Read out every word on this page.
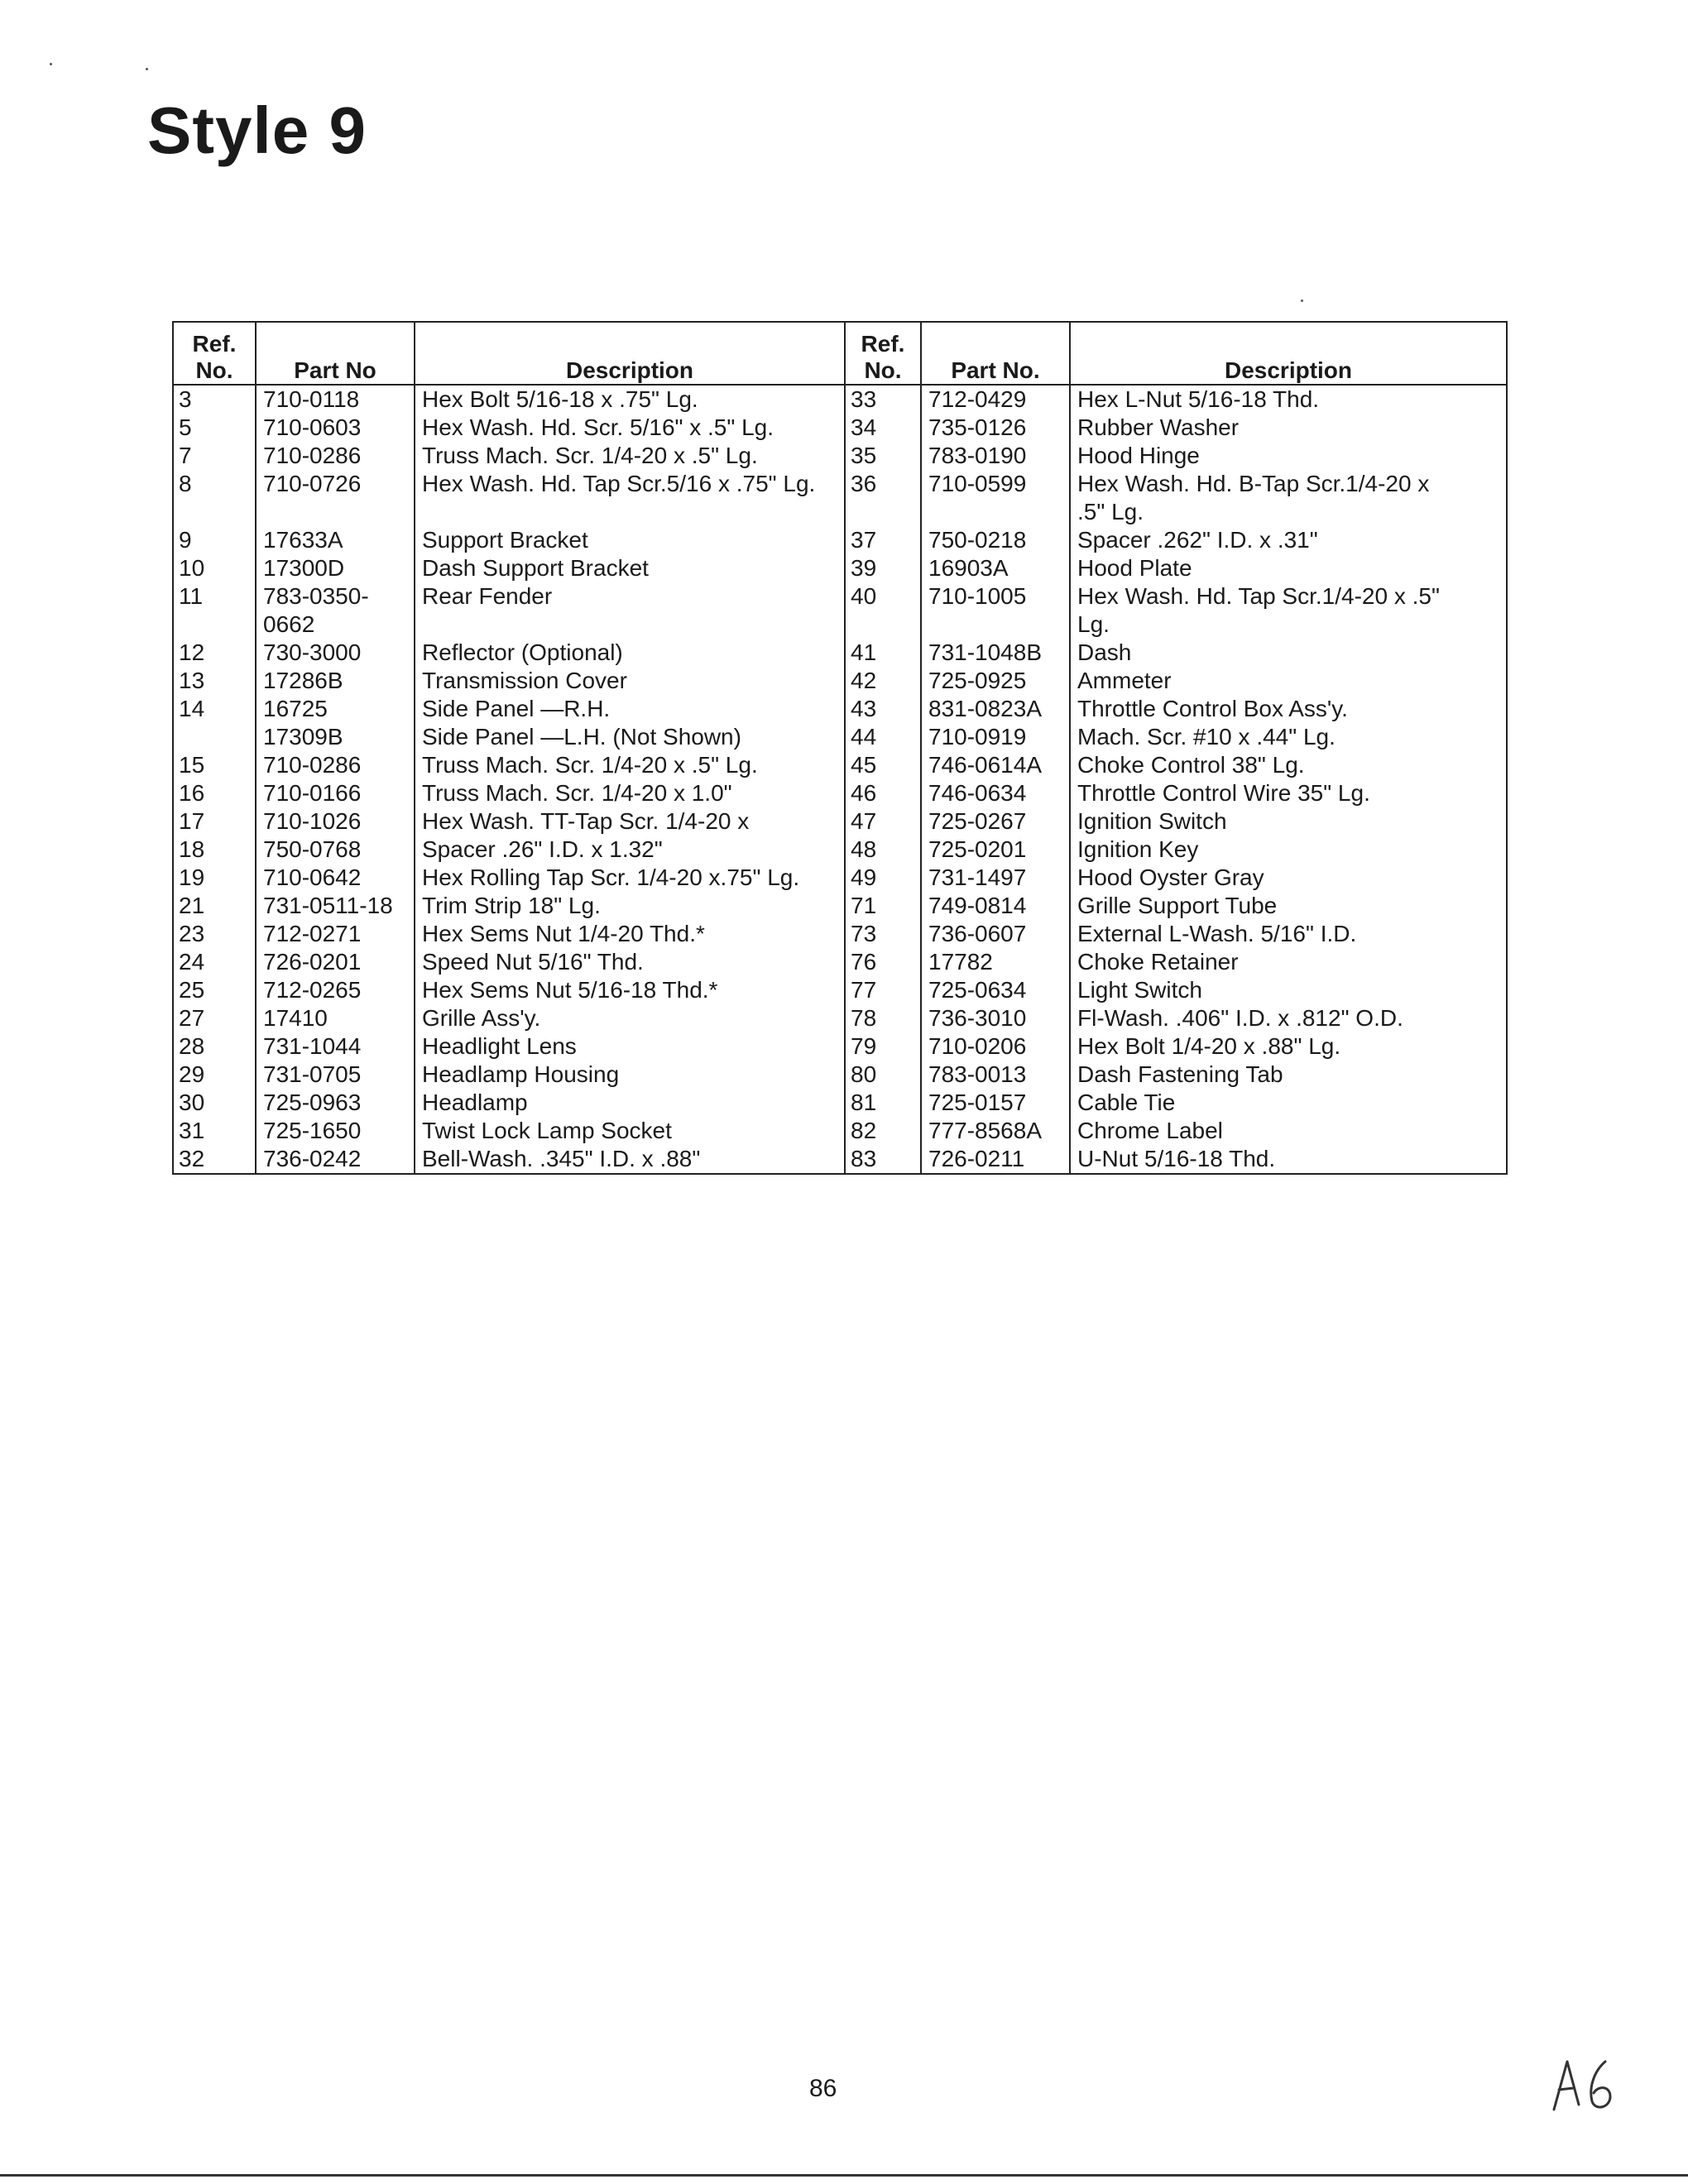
Style 9
Ref. No.	Part No	Description	Ref. No.	Part No.	Description
3	710-0118	Hex Bolt 5/16-18 x .75" Lg.	33	712-0429	Hex L-Nut 5/16-18 Thd.
5	710-0603	Hex Wash. Hd. Scr. 5/16" x .5" Lg.	34	735-0126	Rubber Washer
7	710-0286	Truss Mach. Scr. 1/4-20 x .5" Lg.	35	783-0190	Hood Hinge
8	710-0726	Hex Wash. Hd. Tap Scr.5/16 x .75" Lg.	36	710-0599	Hex Wash. Hd. B-Tap Scr.1/4-20 x
					.5" Lg.
9	17633A	Support Bracket	37	750-0218	Spacer .262" I.D. x .31"
10	17300D	Dash Support Bracket	39	16903A	Hood Plate
11	783-0350-	Rear Fender	40	710-1005	Hex Wash. Hd. Tap Scr.1/4-20 x .5"
	0662				Lg.
12	730-3000	Reflector (Optional)	41	731-1048B	Dash
13	17286B	Transmission Cover	42	725-0925	Ammeter
14	16725	Side Panel —R.H.	43	831-0823A	Throttle Control Box Ass'y.
	17309B	Side Panel —L.H. (Not Shown)	44	710-0919	Mach. Scr. #10 x .44" Lg.
15	710-0286	Truss Mach. Scr. 1/4-20 x .5" Lg.	45	746-0614A	Choke Control 38" Lg.
16	710-0166	Truss Mach. Scr. 1/4-20 x 1.0"	46	746-0634	Throttle Control Wire 35" Lg.
17	710-1026	Hex Wash. TT-Tap Scr. 1/4-20 x	47	725-0267	Ignition Switch
18	750-0768	Spacer .26" I.D. x 1.32"	48	725-0201	Ignition Key
19	710-0642	Hex Rolling Tap Scr. 1/4-20 x.75" Lg.	49	731-1497	Hood Oyster Gray
21	731-0511-18	Trim Strip 18" Lg.	71	749-0814	Grille Support Tube
23	712-0271	Hex Sems Nut 1/4-20 Thd.*	73	736-0607	External L-Wash. 5/16" I.D.
24	726-0201	Speed Nut 5/16" Thd.	76	17782	Choke Retainer
25	712-0265	Hex Sems Nut 5/16-18 Thd.*	77	725-0634	Light Switch
27	17410	Grille Ass'y.	78	736-3010	Fl-Wash. .406" I.D. x .812" O.D.
28	731-1044	Headlight Lens	79	710-0206	Hex Bolt 1/4-20 x .88" Lg.
29	731-0705	Headlamp Housing	80	783-0013	Dash Fastening Tab
30	725-0963	Headlamp	81	725-0157	Cable Tie
31	725-1650	Twist Lock Lamp Socket	82	777-8568A	Chrome Label
32	736-0242	Bell-Wash. .345" I.D. x .88"	83	726-0211	U-Nut 5/16-18 Thd.
86
